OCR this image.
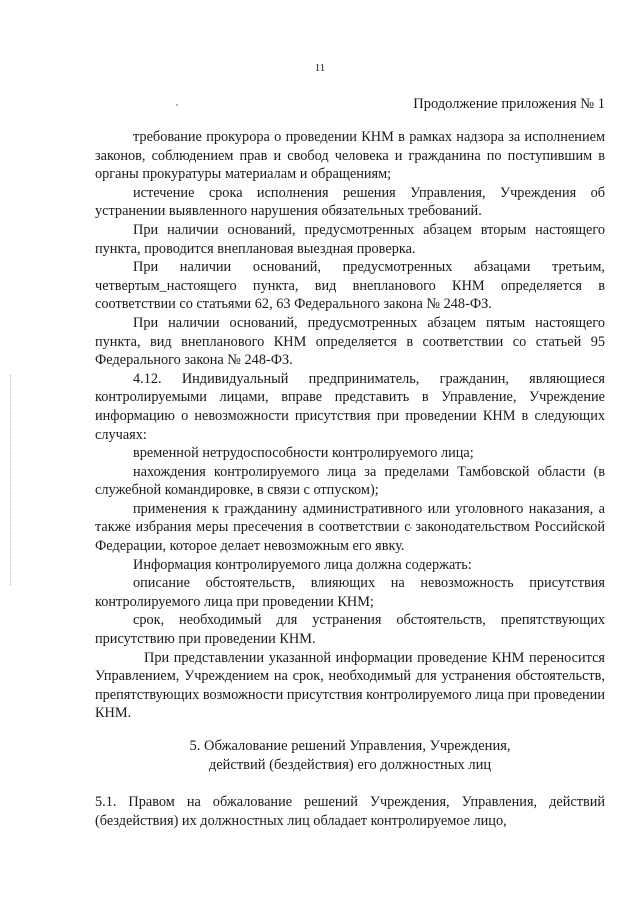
11
Продолжение приложения № 1

требование прокурора о проведении КНМ в рамках надзора за исполнением законов, соблюдением прав и свобод человека и гражданина по поступившим в органы прокуратуры материалам и обращениям;

истечение срока исполнения решения Управления, Учреждения об устранении выявленного нарушения обязательных требований.

При наличии оснований, предусмотренных абзацем вторым настоящего пункта, проводится внеплановая выездная проверка.

При наличии оснований, предусмотренных абзацами третьим, четвертым_настоящего пункта, вид внепланового КНМ определяется в соответствии со статьями 62, 63 Федерального закона № 248-ФЗ.

При наличии оснований, предусмотренных абзацем пятым настоящего пункта, вид внепланового КНМ определяется в соответствии со статьей 95 Федерального закона № 248-ФЗ.

4.12. Индивидуальный предприниматель, гражданин, являющиеся контролируемыми лицами, вправе представить в Управление, Учреждение информацию о невозможности присутствия при проведении КНМ в следующих случаях:

временной нетрудоспособности контролируемого лица;

нахождения контролируемого лица за пределами Тамбовской области (в служебной командировке, в связи с отпуском);

применения к гражданину административного или уголовного наказания, а также избрания меры пресечения в соответствии с законодательством Российской Федерации, которое делает невозможным его явку.

Информация контролируемого лица должна содержать:

описание обстоятельств, влияющих на невозможность присутствия контролируемого лица при проведении КНМ;

срок, необходимый для устранения обстоятельств, препятствующих присутствию при проведении КНМ.

При представлении указанной информации проведение КНМ переносится Управлением, Учреждением на срок, необходимый для устранения обстоятельств, препятствующих возможности присутствия контролируемого лица при проведении КНМ.

5. Обжалование решений Управления, Учреждения,
действий (бездействия) его должностных лиц

5.1. Правом на обжалование решений Учреждения, Управления, действий (бездействия) их должностных лиц обладает контролируемое лицо,
